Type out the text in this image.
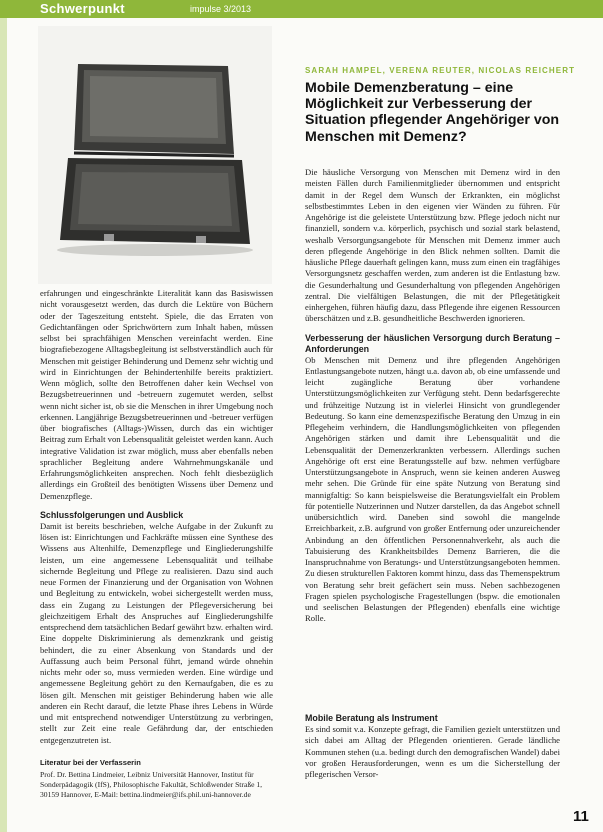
Schwerpunkt	impulse 3/2013
SARAH HAMPEL, VERENA REUTER, NICOLAS REICHERT
Mobile Demenzberatung – eine Möglichkeit zur Verbesserung der Situation pflegender Angehöriger von Menschen mit Demenz?

erfahrungen und eingeschränkte Literalität kann das Basiswissen nicht vorausgesetzt werden, das durch die Lektüre von Büchern oder der Tageszeitung entsteht. Spiele, die das Erraten von Gedichtanfängen oder Sprichwörtern zum Inhalt haben, müssen selbst bei sprachfähigen Menschen vereinfacht werden. Eine biografiebezogene Alltagsbegleitung ist selbstverständlich auch für Menschen mit geistiger Behinderung und Demenz sehr wichtig und wird in Einrichtungen der Behindertenhilfe bereits praktiziert. Wenn möglich, sollte den Betroffenen daher kein Wechsel von Bezugsbetreuerinnen und -betreuern zugemutet werden, selbst wenn nicht sicher ist, ob sie die Menschen in ihrer Umgebung noch erkennen. Langjährige Bezugsbetreuerinnen und -betreuer verfügen über biografisches (Alltags-)Wissen, durch das ein wichtiger Beitrag zum Erhalt von Lebensqualität geleistet werden kann. Auch integrative Validation ist zwar möglich, muss aber ebenfalls neben sprachlicher Begleitung andere Wahrnehmungskanäle und Erfahrungsmöglichkeiten ansprechen. Noch fehlt diesbezüglich allerdings ein Großteil des benötigten Wissens über Demenz und Demenzpflege.

Schlussfolgerungen und Ausblick

Damit ist bereits beschrieben, welche Aufgabe in der Zukunft zu lösen ist: Einrichtungen und Fachkräfte müssen eine Synthese des Wissens aus Altenhilfe, Demenzpflege und Eingliederungshilfe leisten, um eine angemessene Lebensqualität und teilhabe sichernde Begleitung und Pflege zu realisieren. Dazu sind auch neue Formen der Finanzierung und der Organisation von Wohnen und Begleitung zu entwickeln, wobei sichergestellt werden muss, dass ein Zugang zu Leistungen der Pflegeversicherung bei gleichzeitigem Erhalt des Anspruches auf Eingliederungshilfe entsprechend dem tatsächlichen Bedarf gewährt bzw. erhalten wird. Eine doppelte Diskriminierung als demenzkrank und geistig behindert, die zu einer Absenkung von Standards und der Auffassung auch beim Personal führt, jemand würde ohnehin nichts mehr oder so, muss vermieden werden. Eine würdige und angemessene Begleitung gehört zu den Kernaufgaben, die es zu lösen gilt. Menschen mit geistiger Behinderung haben wie alle anderen ein Recht darauf, die letzte Phase ihres Lebens in Würde und mit entsprechend notwendiger Unterstützung zu verbringen, stellt zur Zeit eine reale Gefährdung dar, der entschieden entgegenzutreten ist.

Literatur bei der Verfasserin
Prof. Dr. Bettina Lindmeier, Leibniz Universität Hannover, Institut für Sonderpädagogik (IfS), Philosophische Fakultät, Schloßwender Straße 1, 30159 Hannover, E-Mail: bettina.lindmeier@ifs.phil.uni-hannover.de

Die häusliche Versorgung von Menschen mit Demenz wird in den meisten Fällen durch Familienmitglieder übernommen und entspricht damit in der Regel dem Wunsch der Erkrankten, ein möglichst selbstbestimmtes Leben in den eigenen vier Wänden zu führen. Für Angehörige ist die geleistete Unterstützung bzw. Pflege jedoch nicht nur finanziell, sondern v.a. körperlich, psychisch und sozial stark belastend, weshalb Versorgungsangebote für Menschen mit Demenz immer auch deren pflegende Angehörige in den Blick nehmen sollten. Damit die häusliche Pflege dauerhaft gelingen kann, muss zum einen ein tragfähiges Versorgungsnetz geschaffen werden, zum anderen ist die Entlastung bzw. die Gesunderhaltung und Gesunderhaltung von pflegenden Angehörigen zentral. Die vielfältigen Belastungen, die mit der Pflegetätigkeit einhergehen, führen häufig dazu, dass Pflegende ihre eigenen Ressourcen überschätzen und z.B. gesundheitliche Beschwerden ignorieren.

Verbesserung der häuslichen Versorgung durch Beratung – Anforderungen

Ob Menschen mit Demenz und ihre pflegenden Angehörigen Entlastungsangebote nutzen, hängt u.a. davon ab, ob eine umfassende und leicht zugängliche Beratung über vorhandene Unterstützungsmöglichkeiten zur Verfügung steht. Denn bedarfsgerechte und frühzeitige Nutzung ist in vielerlei Hinsicht von grundlegender Bedeutung. So kann eine demenzspezifische Beratung den Umzug in ein Pflegeheim verhindern, die Handlungsmöglichkeiten von pflegenden Angehörigen stärken und damit ihre Lebensqualität und die Lebensqualität der Demenzerkrankten verbessern. Allerdings suchen Angehörige oft erst eine Beratungsstelle auf bzw. nehmen verfügbare Unterstützungsangebote in Anspruch, wenn sie keinen anderen Ausweg mehr sehen. Die Gründe für eine späte Nutzung von Beratung sind mannigfaltig: So kann beispielsweise die Beratungsvielfalt ein Problem für potentielle Nutzerinnen und Nutzer darstellen, da das Angebot schnell unübersichtlich wird. Daneben sind sowohl die mangelnde Erreichbarkeit, z.B. aufgrund von großer Entfernung oder unzureichender Anbindung an den öffentlichen Personennahverkehr, als auch die Tabuisierung des Krankheitsbildes Demenz Barrieren, die die Inanspruchnahme von Beratungs- und Unterstützungsangeboten hemmen. Zu diesen strukturellen Faktoren kommt hinzu, dass das Themenspektrum von Beratung sehr breit gefächert sein muss. Neben sachbezogenen Fragen spielen psychologische Fragestellungen (bspw. die emotionalen und seelischen Belastungen der Pflegenden) ebenfalls eine wichtige Rolle.

Mobile Beratung als Instrument

Es sind somit v.a. Konzepte gefragt, die Familien gezielt unterstützen und sich dabei am Alltag der Pflegenden orientieren. Gerade ländliche Kommunen stehen (u.a. bedingt durch den demografischen Wandel) dabei vor großen Herausforderungen, wenn es um die Sicherstellung der pflegerischen Versor-

11
